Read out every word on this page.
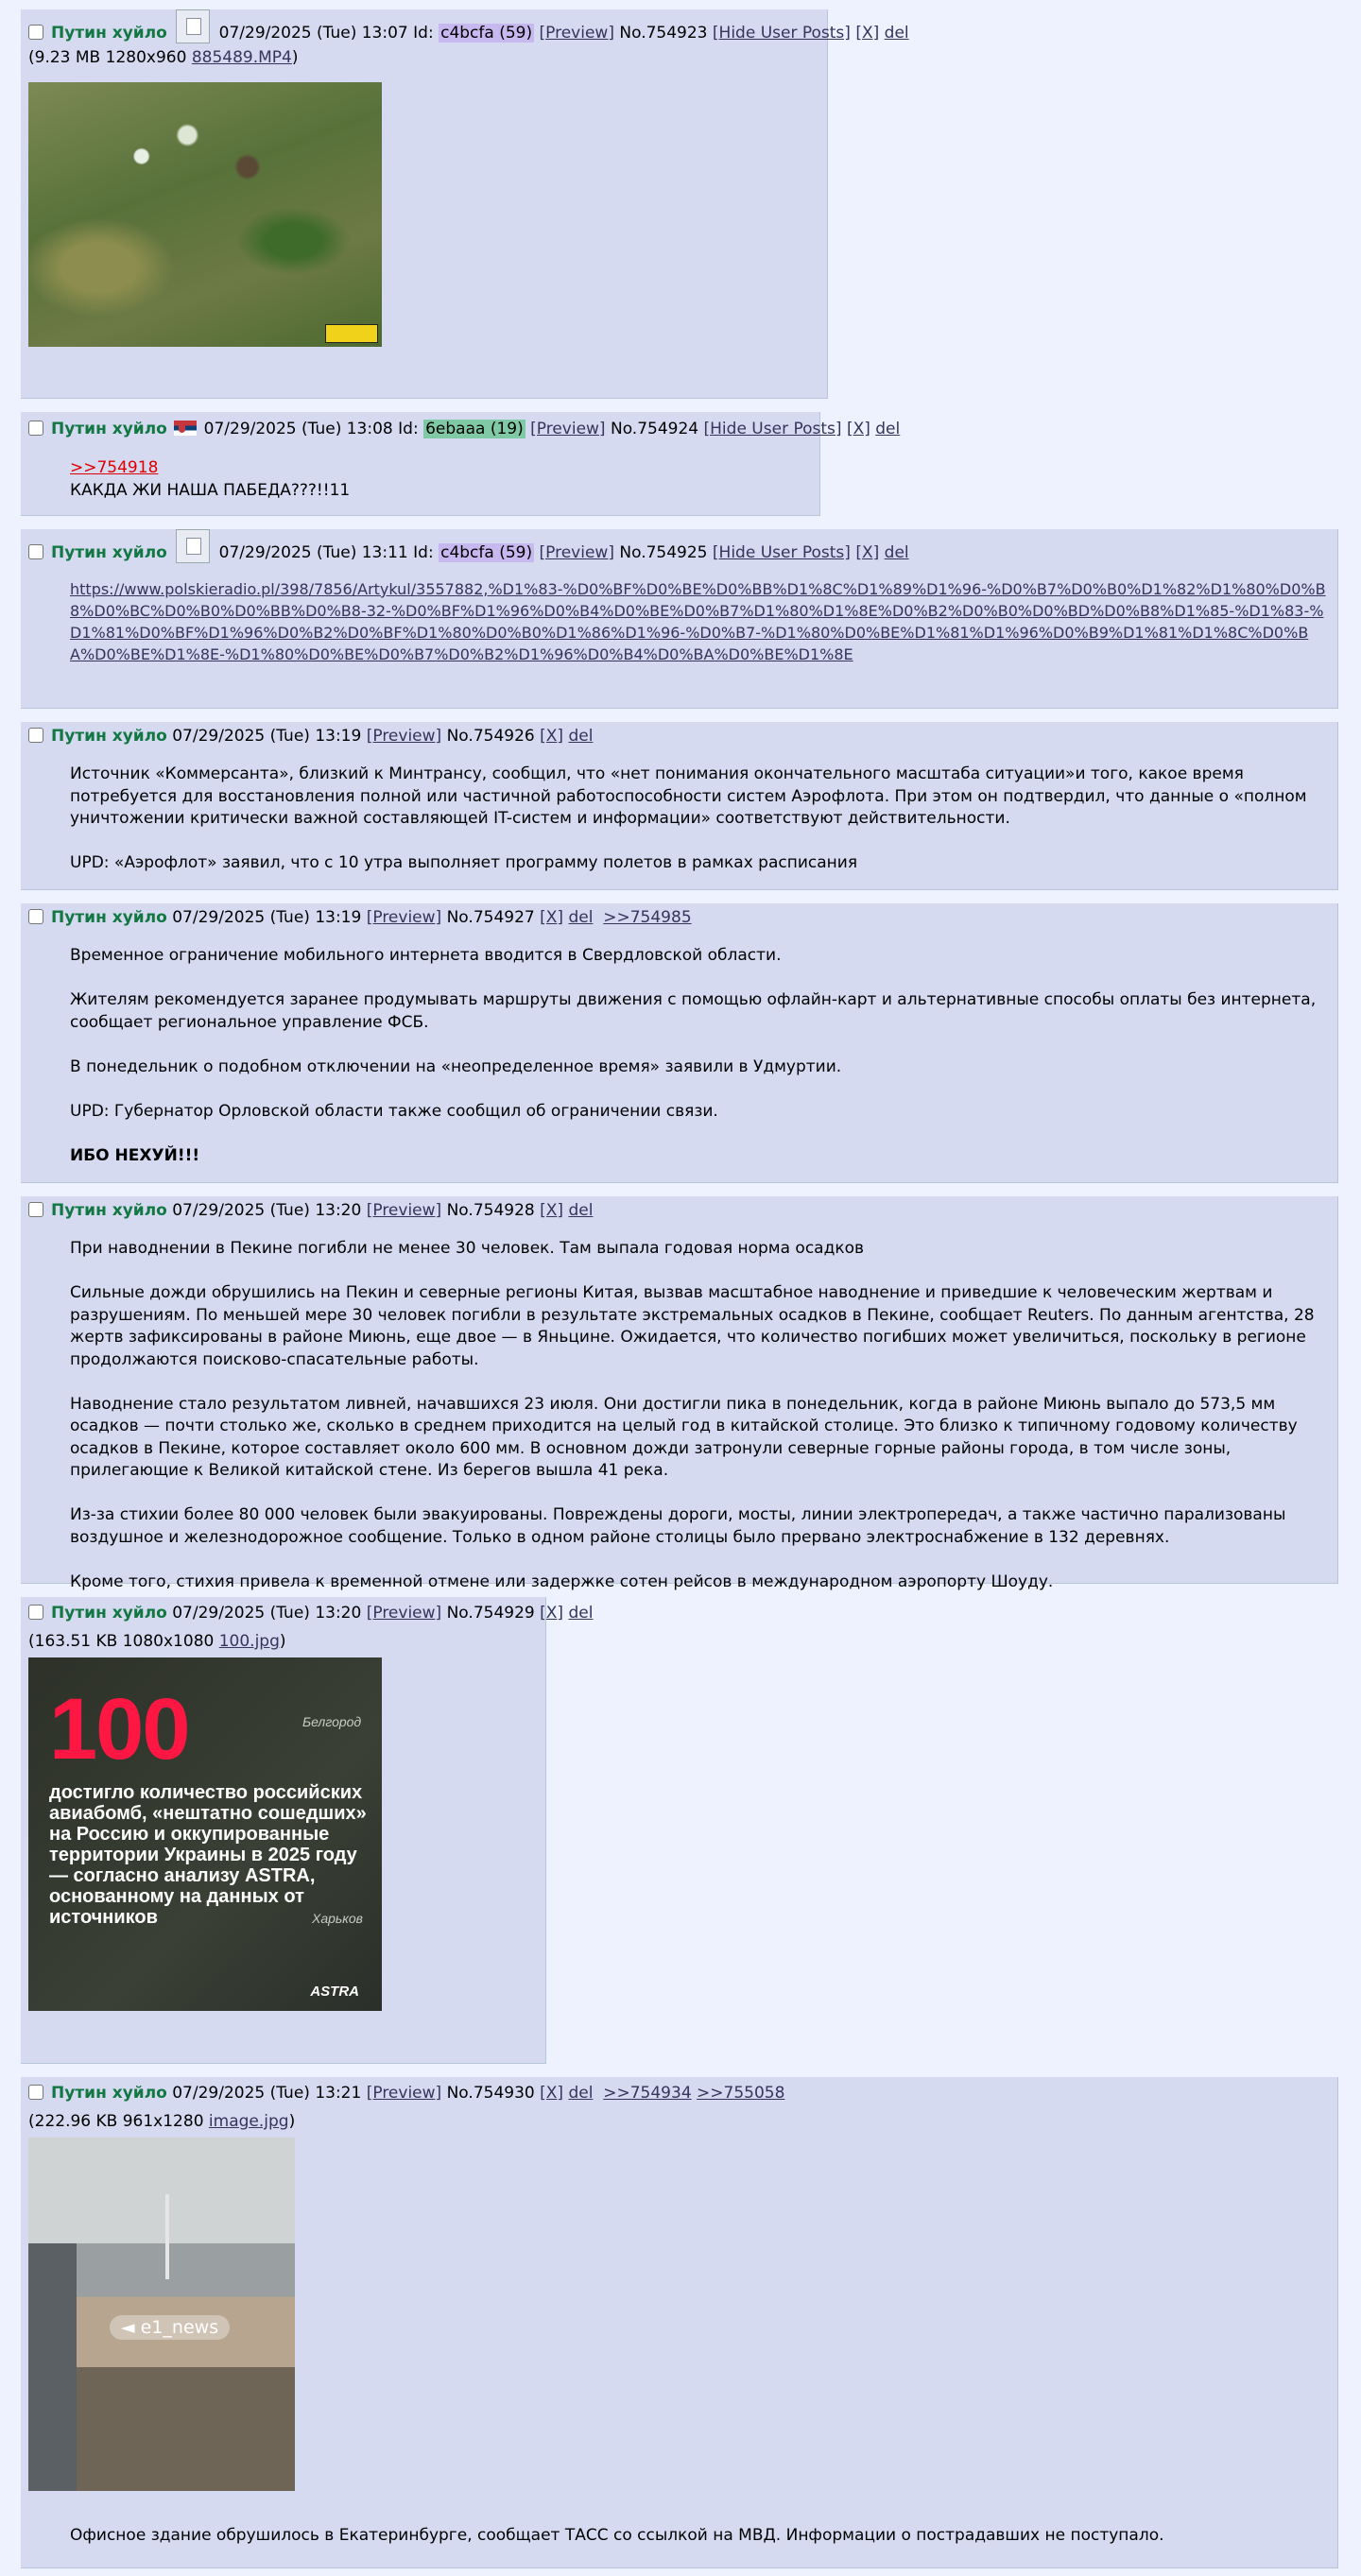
Путин хуйло	07/29/2025 (Tue) 13:07 Id: c4bcfa (59) [Preview] No.754923 [Hide User Posts] [X] del
(9.23 MB 1280x960 885489.MP4)
Путин хуйло 07/29/2025 (Tue) 13:08 Id: 6ebaaa (19) [Preview] No.754924 [Hide User Posts] [X] del
>>754918
КАКДА ЖИ НАША ПАБЕДА???!!11
Путин хуйло	07/29/2025 (Tue) 13:11 Id: c4bcfa (59) [Preview] No.754925 [Hide User Posts] [X] del
https://www.polskieradio.pl/398/7856/Artykul/3557882,%D1%83-%D0%BF%D0%BE%D0%BB%D1%8C%D1%89%D1%96-%D0%B7%D0%B0%D1%82%D1%80%D0%B8%D0%BC%D0%B0%D0%BB%D0%B8-32-%D0%BF%D1%96%D0%B4%D0%BE%D0%B7%D1%80%D1%8E%D0%B2%D0%B0%D0%BD%D0%B8%D1%85-%D1%83-%D1%81%D0%BF%D1%96%D0%B2%D0%BF%D1%80%D0%B0%D1%86%D1%96-%D0%B7-%D1%80%D0%BE%D1%81%D1%96%D0%B9%D1%81%D1%8C%D0%BA%D0%BE%D1%8E-%D1%80%D0%BE%D0%B7%D0%B2%D1%96%D0%B4%D0%BA%D0%BE%D1%8E
Путин хуйло 07/29/2025 (Tue) 13:19 [Preview] No.754926 [X] del

Источник «Коммерсанта», близкий к Минтрансу, сообщил, что «нет понимания окончательного масштаба ситуации»и того, какое время потребуется для восстановления полной или частичной работоспособности систем Аэрофлота. При этом он подтвердил, что данные о «полном уничтожении критически важной составляющей IT-систем и информации» соответствуют действительности.

UPD: «Аэрофлот» заявил, что с 10 утра выполняет программу полетов в рамках расписания

Путин хуйло 07/29/2025 (Tue) 13:19 [Preview] No.754927 [X] del >>754985

Временное ограничение мобильного интернета вводится в Свердловской области.

Жителям рекомендуется заранее продумывать маршруты движения с помощью офлайн-карт и альтернативные способы оплаты без интернета, сообщает региональное управление ФСБ.

В понедельник о подобном отключении на «неопределенное время» заявили в Удмуртии.

UPD: Губернатор Орловской области также сообщил об ограничении связи.

ИБО НЕХУЙ!!!

Путин хуйло 07/29/2025 (Tue) 13:20 [Preview] No.754928 [X] del

При наводнении в Пекине погибли не менее 30 человек. Там выпала годовая норма осадков

Сильные дожди обрушились на Пекин и северные регионы Китая, вызвав масштабное наводнение и приведшие к человеческим жертвам и разрушениям. По меньшей мере 30 человек погибли в результате экстремальных осадков в Пекине, сообщает Reuters. По данным агентства, 28 жертв зафиксированы в районе Миюнь, еще двое — в Яньцине. Ожидается, что количество погибших может увеличиться, поскольку в регионе продолжаются поисково-спасательные работы.

Наводнение стало результатом ливней, начавшихся 23 июля. Они достигли пика в понедельник, когда в районе Миюнь выпало до 573,5 мм осадков — почти столько же, сколько в среднем приходится на целый год в китайской столице. Это близко к типичному годовому количеству осадков в Пекине, которое составляет около 600 мм. В основном дожди затронули северные горные районы города, в том числе зоны, прилегающие к Великой китайской стене. Из берегов вышла 41 река.

Из-за стихии более 80 000 человек были эвакуированы. Повреждены дороги, мосты, линии электропередач, а также частично парализованы воздушное и железнодорожное сообщение. Только в одном районе столицы было прервано электроснабжение в 132 деревнях.

Кроме того, стихия привела к временной отмене или задержке сотен рейсов в международном аэропорту Шоуду.

Путин хуйло 07/29/2025 (Tue) 13:20 [Preview] No.754929 [X] del
(163.51 KB 1080x1080 100.jpg)
100	Белгород
достигло количество российских авиабомб, «нештатно сошедших» на Россию и оккупированные территории Украины в 2025 году — согласно анализу ASTRA, основанному на данных от источников	Харьков
ASTRA
Путин хуйло 07/29/2025 (Tue) 13:21 [Preview] No.754930 [X] del >>754934 >>755058
(222.96 KB 961x1280 image.jpg)
◄ e1_news

Офисное здание обрушилось в Екатеринбурге, сообщает ТАСС со ссылкой на МВД. Информации о пострадавших не поступало.
